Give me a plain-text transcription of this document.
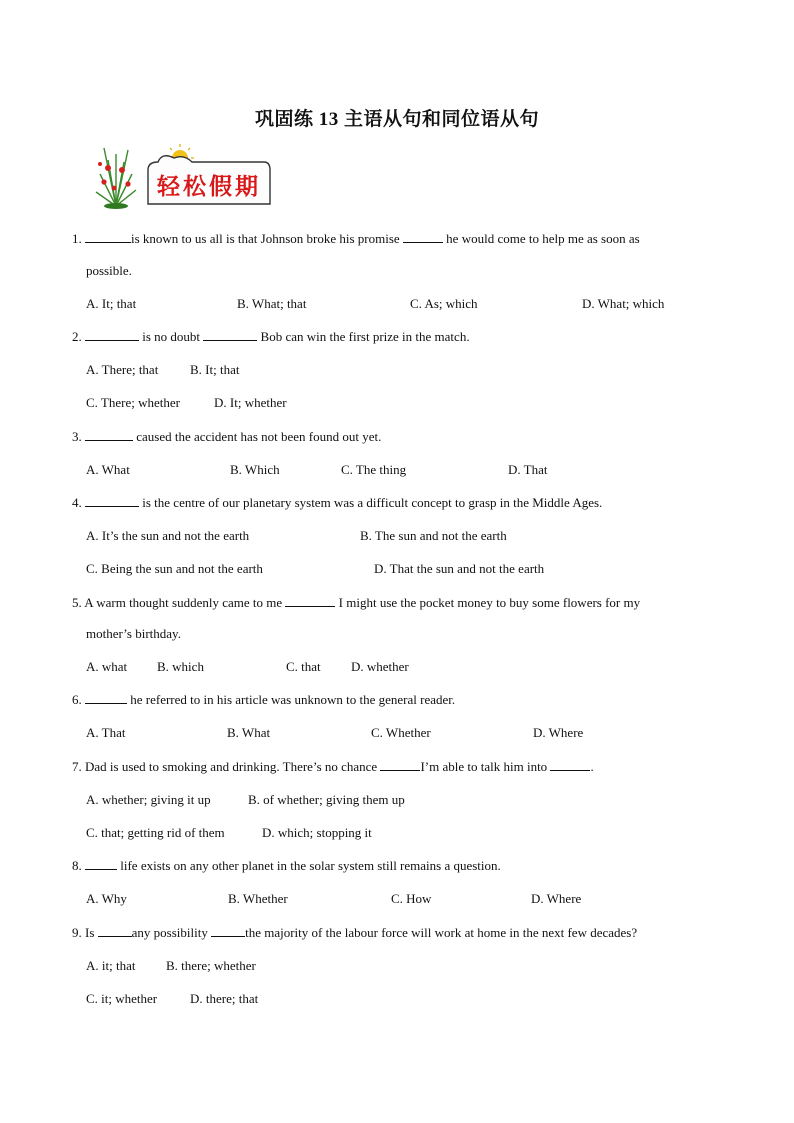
巩固练 13 主语从句和同位语从句
轻松假期
1.	is known to us all is that Johnson broke his promise	he would come to help me as soon as
possible.
A. It; that	B. What; that	C. As; which	D. What; which
2.	is no doubt	Bob can win the first prize in the match.
A. There; that B. It; that
C. There; whether	D. It; whether
3.	caused the accident has not been found out yet.
A. What	B. Which	C. The thing	D. That
4.	is the centre of our planetary system was a difficult concept to grasp in the Middle Ages.
A. It’s the sun and not the earth	B. The sun and not the earth
C. Being the sun and not the earth	D. That the sun and not the earth
5. A warm thought suddenly came to me	I might use the pocket money to buy some flowers for my
mother’s birthday.
A. what B. which	C. that D. whether
6.	he referred to in his article was unknown to the general reader.
A. That	B. What	C. Whether	D. Where
7. Dad is used to smoking and drinking. There’s no chance	I’m able to talk him into	.
A. whether; giving it up	B. of whether; giving them up
C. that; getting rid of them	D. which; stopping it
8.	life exists on any other planet in the solar system still remains a question.
A. Why	B. Whether	C. How	D. Where
9. Is	any possibility	the majority of the labour force will work at home in the next few decades?
A. it; that B. there; whether
C. it; whether	D. there; that
